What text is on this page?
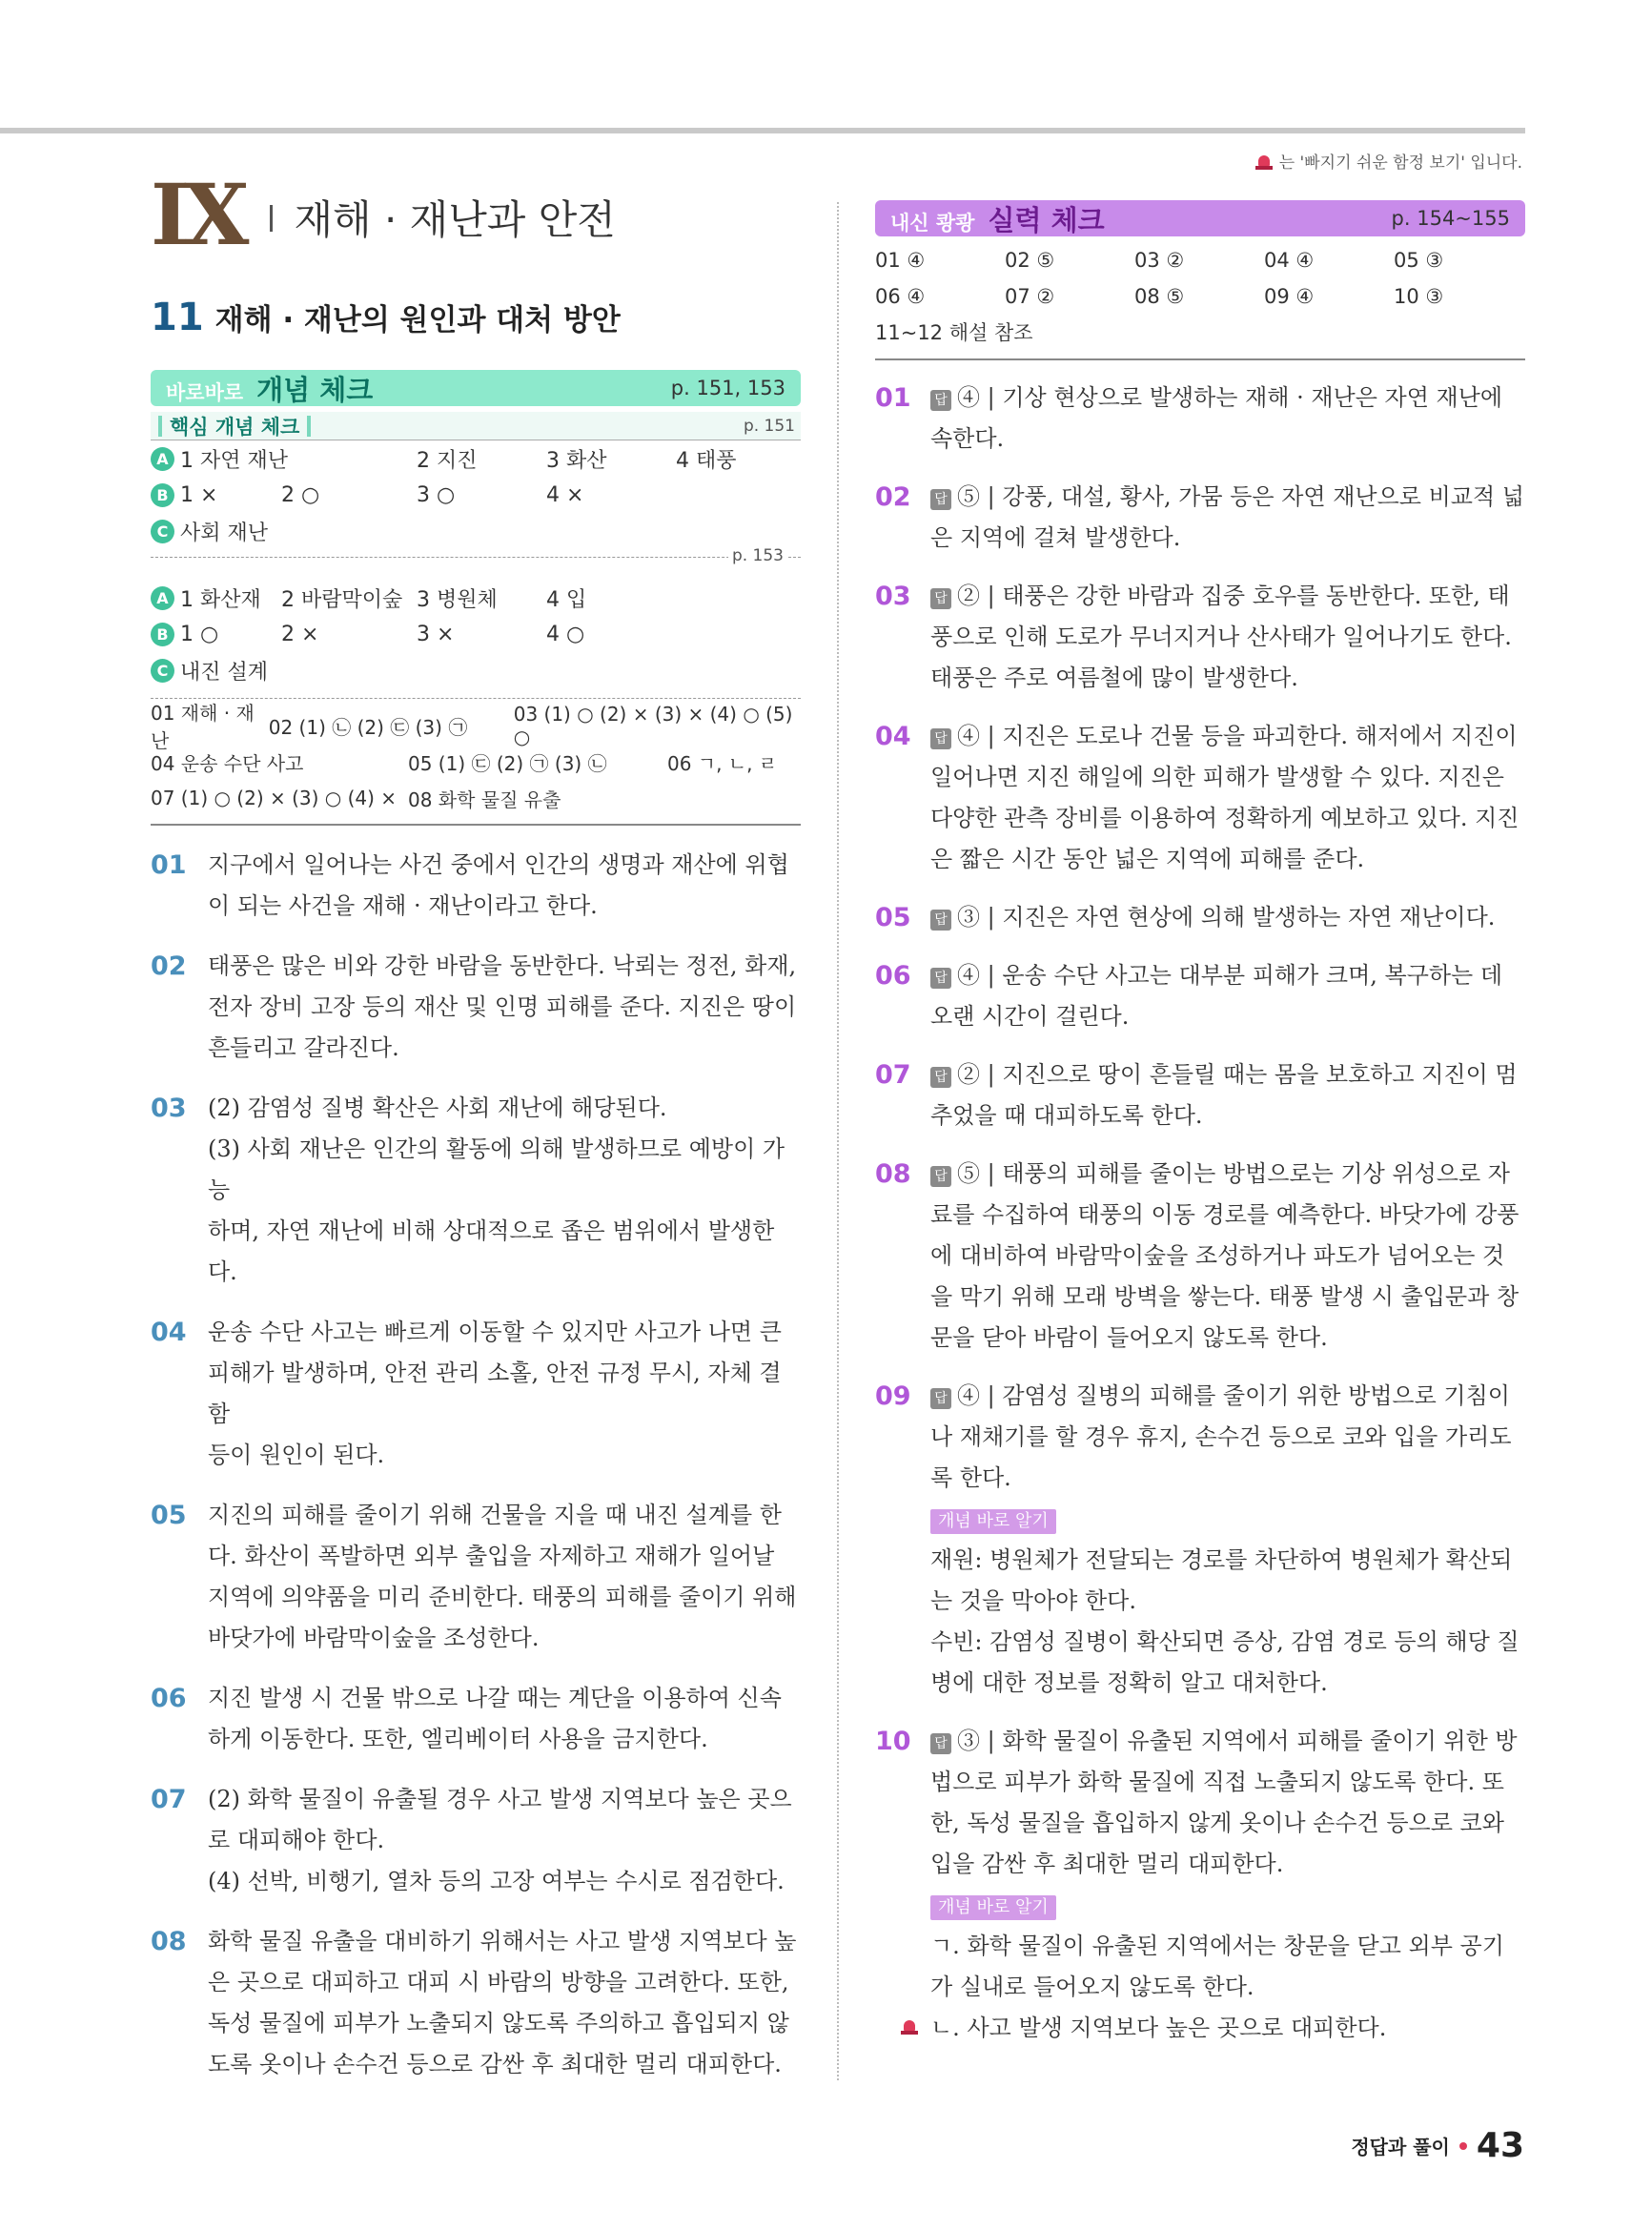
는 '빠지기 쉬운 함정 보기' 입니다.
IX 재해 · 재난과 안전
11 재해 · 재난의 원인과 대처 방안
바로바로 개념 체크	p. 151, 153
핵심 개념 체크	p. 151
A 1 자연 재난	2 지진	3 화산	4 태풍
B 1 ×	2 ○	3 ○	4 ×
C 사회 재난
p. 153
A 1 화산재 2 바람막이숲 3 병원체	4 입
B 1 ○	2 ×	3 ×	4 ○
C 내진 설계
01 재해 · 재난
02 (1) ㉡ (2) ㉢ (3) ㉠
03 (1) ○ (2) × (3) × (4) ○ (5) ○
04 운송 수단 사고	05 (1) ㉢ (2) ㉠ (3) ㉡	06 ㄱ, ㄴ, ㄹ
07 (1) ○ (2) × (3) ○ (4) × 08 화학 물질 유출
01 지구에서 일어나는 사건 중에서 인간의 생명과 재산에 위협

이 되는 사건을 재해 · 재난이라고 한다.

02 태풍은 많은 비와 강한 바람을 동반한다. 낙뢰는 정전, 화재,

전자 장비 고장 등의 재산 및 인명 피해를 준다. 지진은 땅이

흔들리고 갈라진다.

03 (2) 감염성 질병 확산은 사회 재난에 해당된다.

(3) 사회 재난은 인간의 활동에 의해 발생하므로 예방이 가능

하며, 자연 재난에 비해 상대적으로 좁은 범위에서 발생한다.

04 운송 수단 사고는 빠르게 이동할 수 있지만 사고가 나면 큰

피해가 발생하며, 안전 관리 소홀, 안전 규정 무시, 자체 결함

등이 원인이 된다.

05 지진의 피해를 줄이기 위해 건물을 지을 때 내진 설계를 한

다. 화산이 폭발하면 외부 출입을 자제하고 재해가 일어날

지역에 의약품을 미리 준비한다. 태풍의 피해를 줄이기 위해

바닷가에 바람막이숲을 조성한다.

06 지진 발생 시 건물 밖으로 나갈 때는 계단을 이용하여 신속

하게 이동한다. 또한, 엘리베이터 사용을 금지한다.

07 (2) 화학 물질이 유출될 경우 사고 발생 지역보다 높은 곳으

로 대피해야 한다.

(4) 선박, 비행기, 열차 등의 고장 여부는 수시로 점검한다.

08 화학 물질 유출을 대비하기 위해서는 사고 발생 지역보다 높

은 곳으로 대피하고 대피 시 바람의 방향을 고려한다. 또한,

독성 물질에 피부가 노출되지 않도록 주의하고 흡입되지 않

도록 옷이나 손수건 등으로 감싼 후 최대한 멀리 대피한다.

내신 쾅쾅 실력 체크	p. 154~155
01 ④	02 ⑤	03 ②	04 ④	05 ③
06 ④	07 ②	08 ⑤	09 ④	10 ③
11~12 해설 참조
01	답 ④ | 기상 현상으로 발생하는 재해 · 재난은 자연 재난에
속한다.
02	답 ⑤ | 강풍, 대설, 황사, 가뭄 등은 자연 재난으로 비교적 넓
은 지역에 걸쳐 발생한다.
03	답 ② | 태풍은 강한 바람과 집중 호우를 동반한다. 또한, 태
풍으로 인해 도로가 무너지거나 산사태가 일어나기도 한다.
태풍은 주로 여름철에 많이 발생한다.
04	답 ④ | 지진은 도로나 건물 등을 파괴한다. 해저에서 지진이
일어나면 지진 해일에 의한 피해가 발생할 수 있다. 지진은
다양한 관측 장비를 이용하여 정확하게 예보하고 있다. 지진
은 짧은 시간 동안 넓은 지역에 피해를 준다.
05	답 ③ | 지진은 자연 현상에 의해 발생하는 자연 재난이다.
06	답 ④ | 운송 수단 사고는 대부분 피해가 크며, 복구하는 데
오랜 시간이 걸린다.
07	답 ② | 지진으로 땅이 흔들릴 때는 몸을 보호하고 지진이 멈
추었을 때 대피하도록 한다.
08	답 ⑤ | 태풍의 피해를 줄이는 방법으로는 기상 위성으로 자
료를 수집하여 태풍의 이동 경로를 예측한다. 바닷가에 강풍
에 대비하여 바람막이숲을 조성하거나 파도가 넘어오는 것
을 막기 위해 모래 방벽을 쌓는다. 태풍 발생 시 출입문과 창
문을 닫아 바람이 들어오지 않도록 한다.
09	답 ④ | 감염성 질병의 피해를 줄이기 위한 방법으로 기침이
나 재채기를 할 경우 휴지, 손수건 등으로 코와 입을 가리도
록 한다.
개념 바로 알기
재원: 병원체가 전달되는 경로를 차단하여 병원체가 확산되
는 것을 막아야 한다.
수빈: 감염성 질병이 확산되면 증상, 감염 경로 등의 해당 질
병에 대한 정보를 정확히 알고 대처한다.
10	답 ③ | 화학 물질이 유출된 지역에서 피해를 줄이기 위한 방
법으로 피부가 화학 물질에 직접 노출되지 않도록 한다. 또
한, 독성 물질을 흡입하지 않게 옷이나 손수건 등으로 코와
입을 감싼 후 최대한 멀리 대피한다.
개념 바로 알기
ㄱ. 화학 물질이 유출된 지역에서는 창문을 닫고 외부 공기
가 실내로 들어오지 않도록 한다.
ㄴ. 사고 발생 지역보다 높은 곳으로 대피한다.
정답과 풀이 43
